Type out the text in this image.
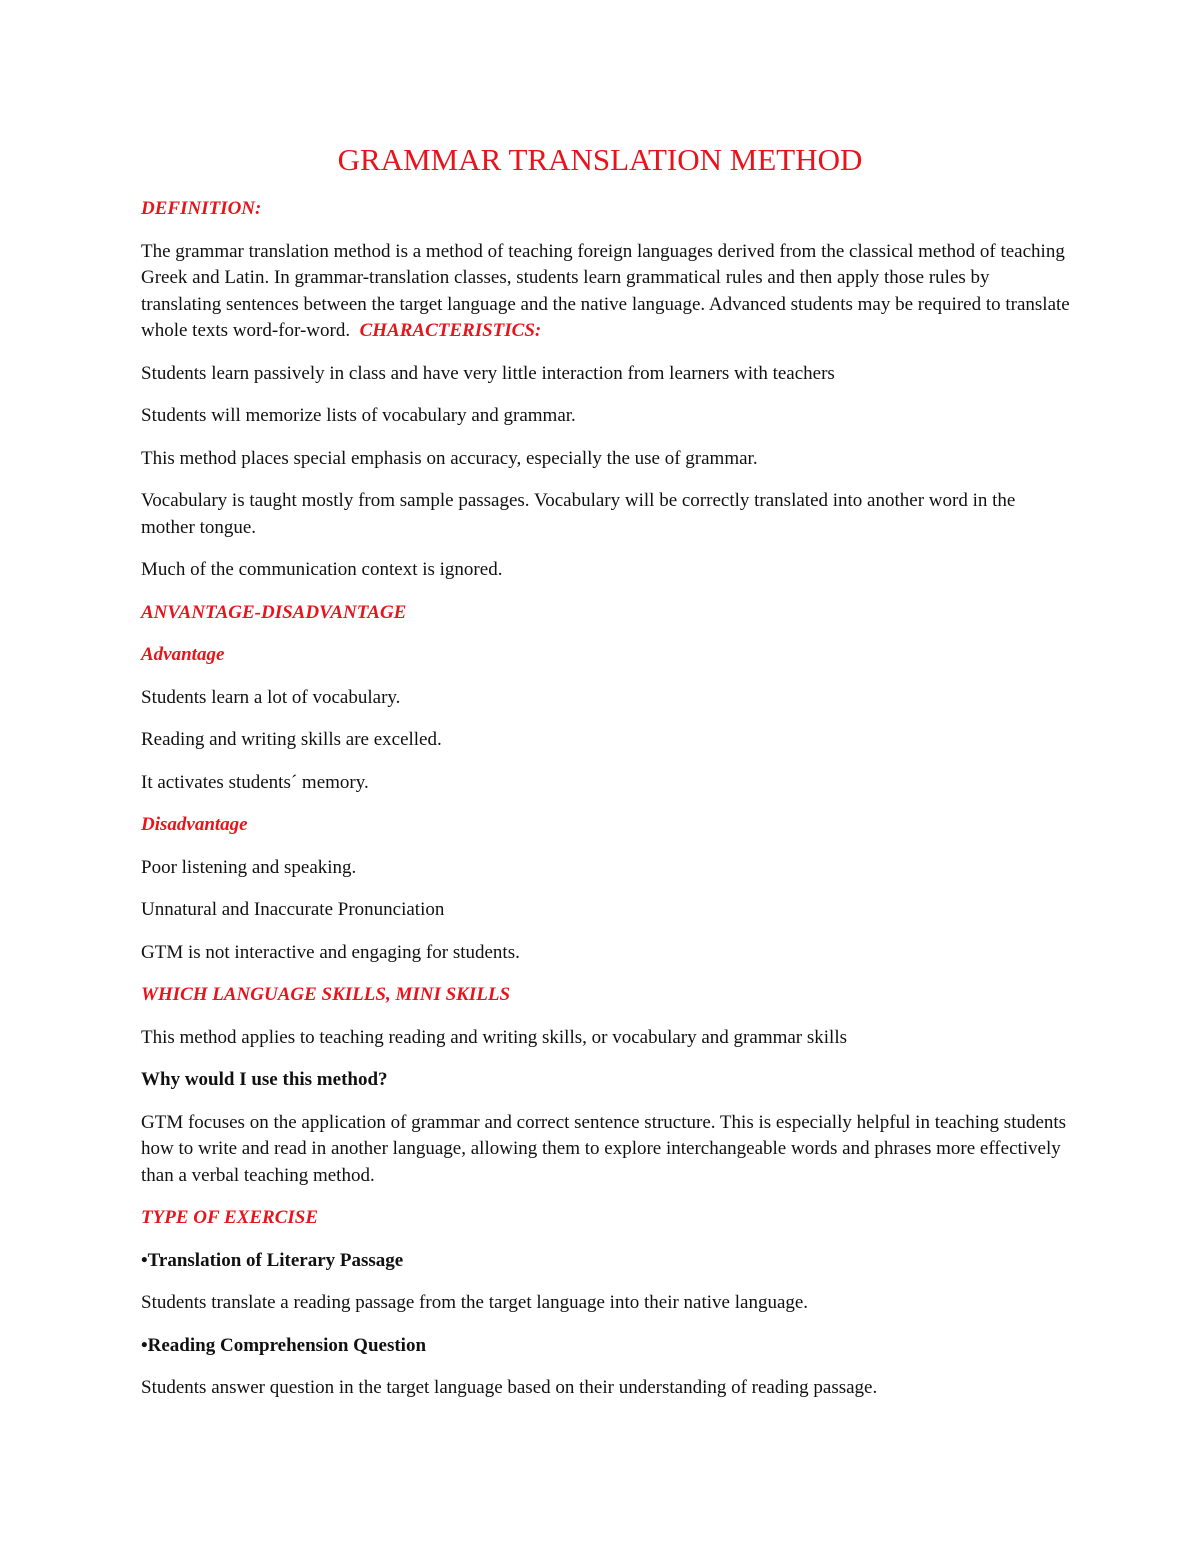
GRAMMAR TRANSLATION METHOD

DEFINITION:

The grammar translation method is a method of teaching foreign languages derived from the classical method of teaching Greek and Latin. In grammar-translation classes, students learn grammatical rules and then apply those rules by translating sentences between the target language and the native language. Advanced students may be required to translate whole texts word-for-word. CHARACTERISTICS:

Students learn passively in class and have very little interaction from learners with teachers

Students will memorize lists of vocabulary and grammar.

This method places special emphasis on accuracy, especially the use of grammar.

Vocabulary is taught mostly from sample passages. Vocabulary will be correctly translated into another word in the mother tongue.

Much of the communication context is ignored.

ANVANTAGE-DISADVANTAGE

Advantage

Students learn a lot of vocabulary.

Reading and writing skills are excelled.

It activates students´ memory.

Disadvantage

Poor listening and speaking.

Unnatural and Inaccurate Pronunciation

GTM is not interactive and engaging for students.

WHICH LANGUAGE SKILLS, MINI SKILLS

This method applies to teaching reading and writing skills, or vocabulary and grammar skills

Why would I use this method?

GTM focuses on the application of grammar and correct sentence structure. This is especially helpful in teaching students how to write and read in another language, allowing them to explore interchangeable words and phrases more effectively than a verbal teaching method.

TYPE OF EXERCISE

•Translation of Literary Passage

Students translate a reading passage from the target language into their native language.

•Reading Comprehension Question

Students answer question in the target language based on their understanding of reading passage.
